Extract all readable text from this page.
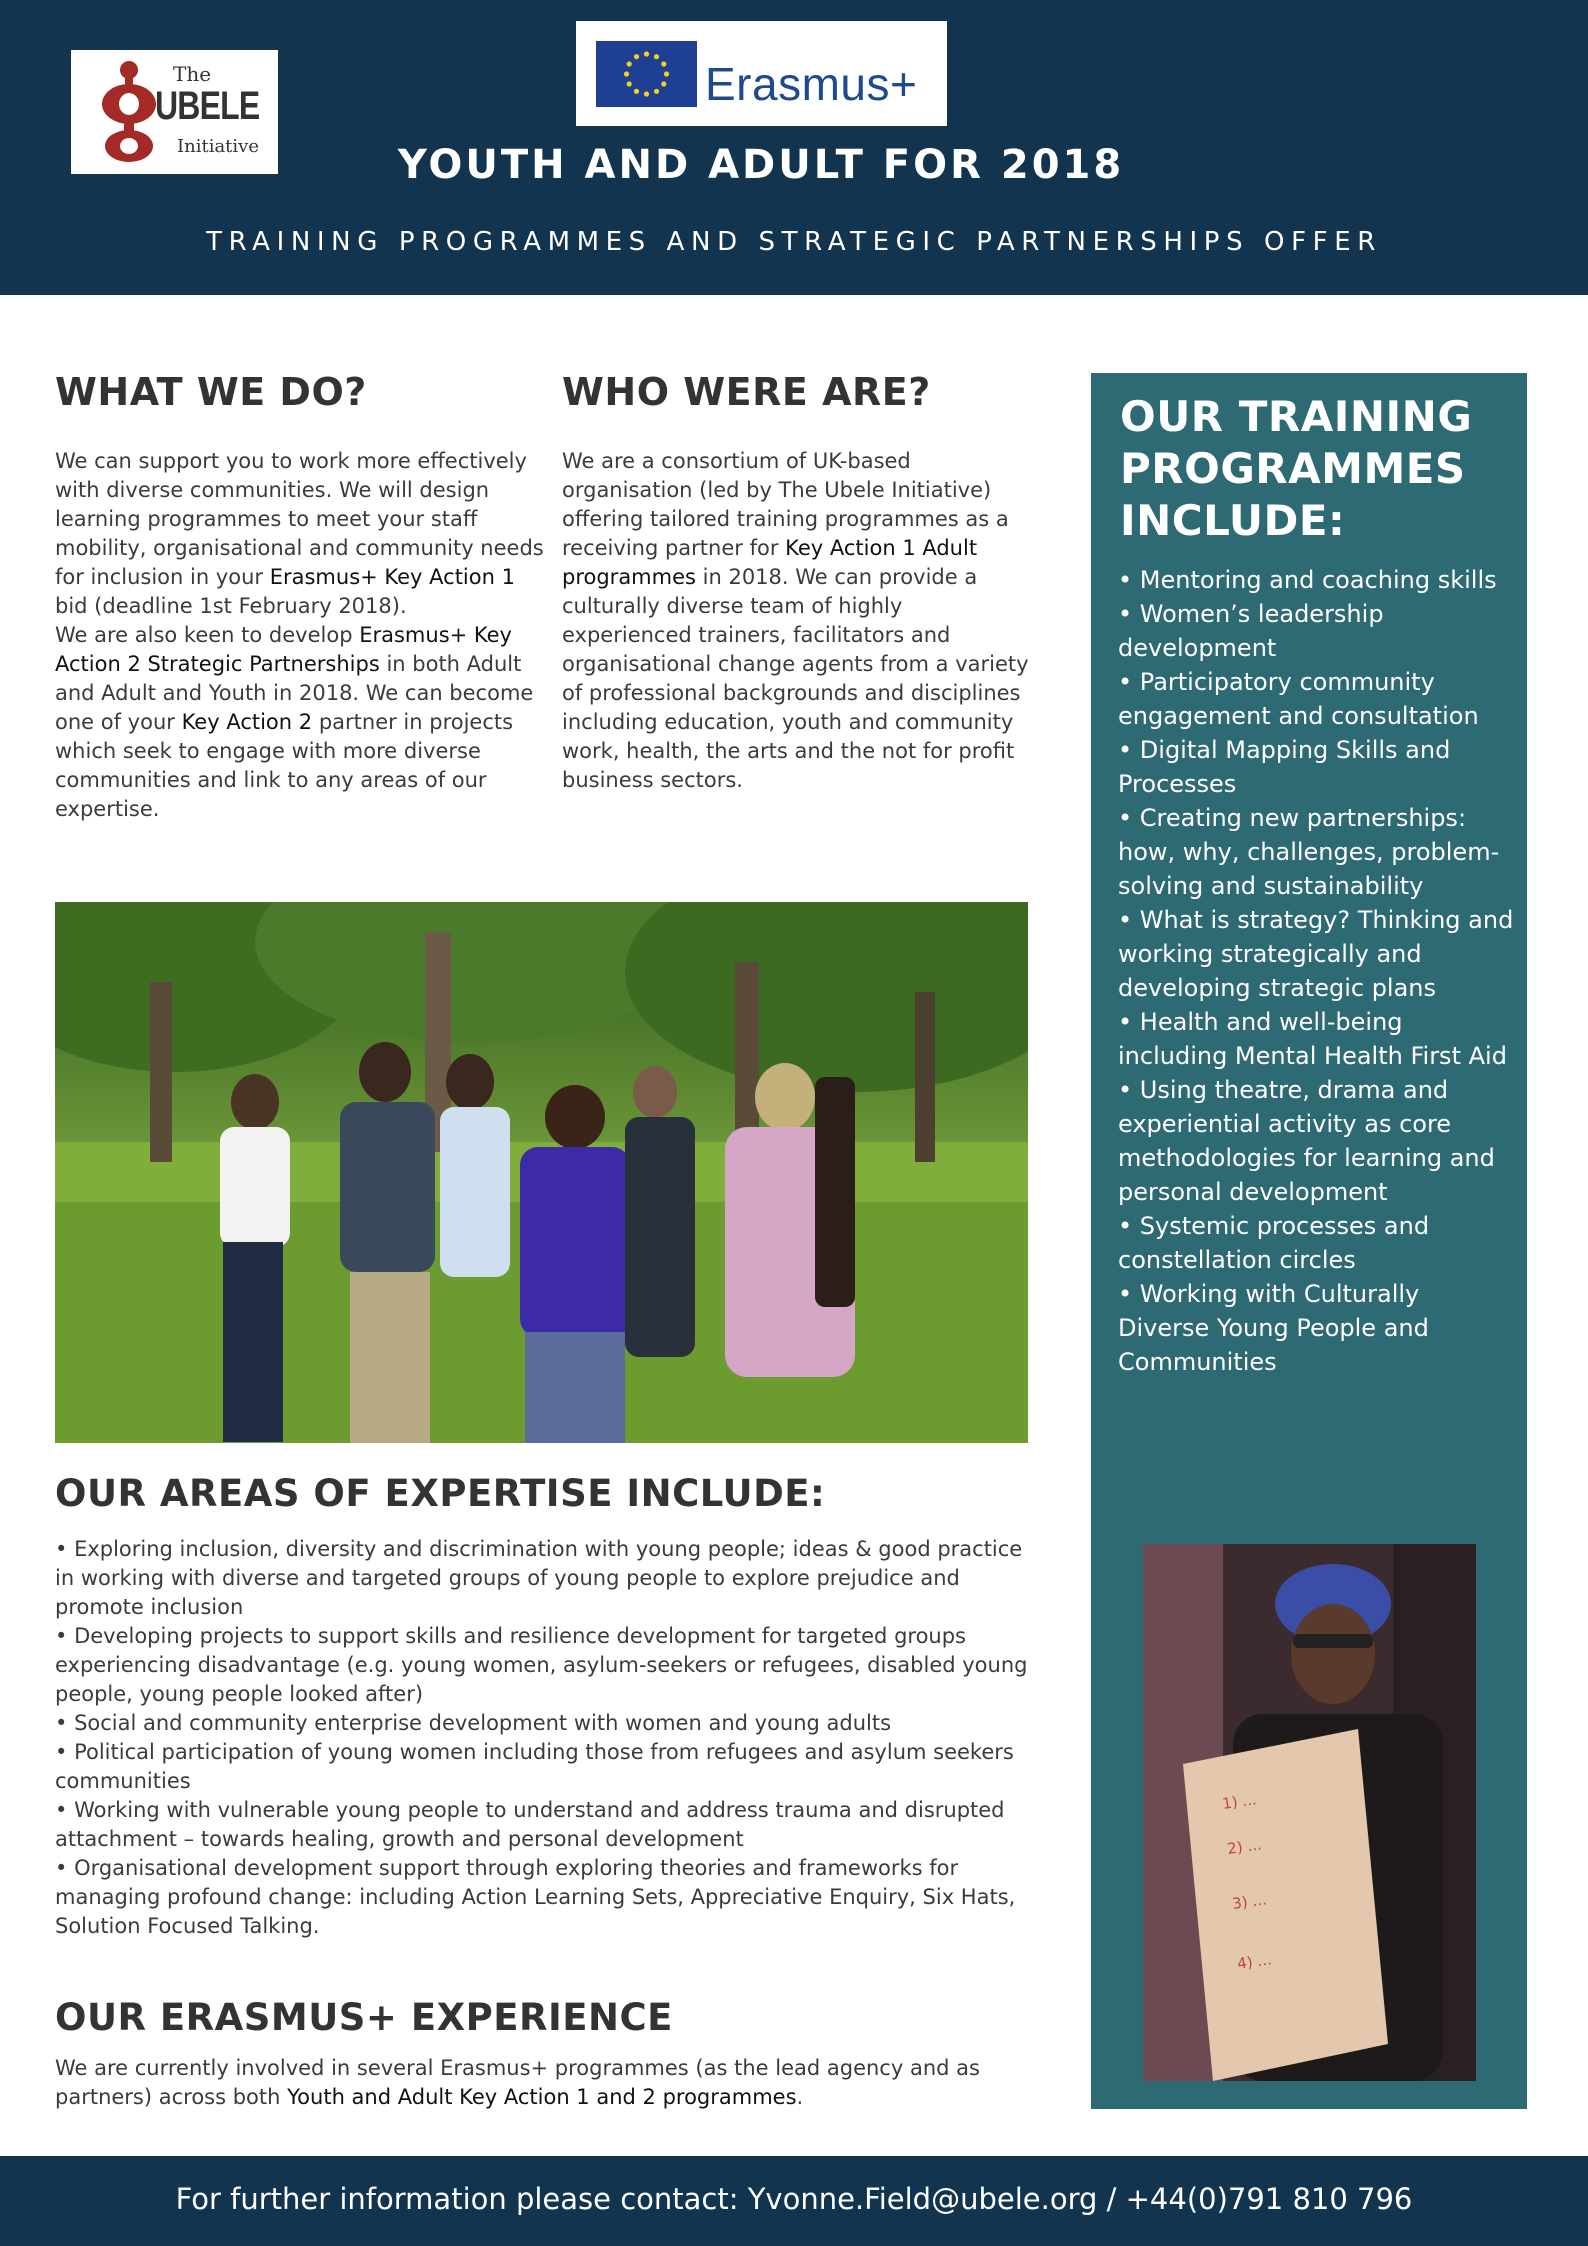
The
UBELE
Initiative
Erasmus+
YOUTH AND ADULT FOR 2018
TRAINING PROGRAMMES AND STRATEGIC PARTNERSHIPS OFFER
WHAT WE DO?
We can support you to work more effectively with diverse communities. We will design learning programmes to meet your staff mobility, organisational and community needs for inclusion in your Erasmus+ Key Action 1 bid (deadline 1st February 2018).
We are also keen to develop Erasmus+ Key Action 2 Strategic Partnerships in both Adult and Adult and Youth in 2018. We can become one of your Key Action 2 partner in projects which seek to engage with more diverse communities and link to any areas of our expertise.
WHO WERE ARE?
We are a consortium of UK-based organisation (led by The Ubele Initiative) offering tailored training programmes as a receiving partner for Key Action 1 Adult programmes in 2018. We can provide a culturally diverse team of highly experienced trainers, facilitators and organisational change agents from a variety of professional backgrounds and disciplines including education, youth and community work, health, the arts and the not for profit business sectors.
OUR AREAS OF EXPERTISE INCLUDE:
• Exploring inclusion, diversity and discrimination with young people; ideas & good practice in working with diverse and targeted groups of young people to explore prejudice and promote inclusion
• Developing projects to support skills and resilience development for targeted groups experiencing disadvantage (e.g. young women, asylum-seekers or refugees, disabled young people, young people looked after)
• Social and community enterprise development with women and young adults
• Political participation of young women including those from refugees and asylum seekers communities
• Working with vulnerable young people to understand and address trauma and disrupted attachment – towards healing, growth and personal development
• Organisational development support through exploring theories and frameworks for managing profound change: including Action Learning Sets, Appreciative Enquiry, Six Hats, Solution Focused Talking.
OUR ERASMUS+ EXPERIENCE
We are currently involved in several Erasmus+ programmes (as the lead agency and as partners) across both Youth and Adult Key Action 1 and 2 programmes.
OUR TRAINING PROGRAMMES INCLUDE:
• Mentoring and coaching skills
• Women’s leadership development
• Participatory community engagement and consultation
• Digital Mapping Skills and Processes
• Creating new partnerships: how, why, challenges, problem-solving and sustainability
• What is strategy? Thinking and working strategically and developing strategic plans
• Health and well-being including Mental Health First Aid
• Using theatre, drama and experiential activity as core methodologies for learning and personal development
• Systemic processes and constellation circles
• Working with Culturally Diverse Young People and Communities
1) ...
2) ...
3) ...
4) ...
For further information please contact: Yvonne.Field@ubele.org / +44(0)791 810 796
